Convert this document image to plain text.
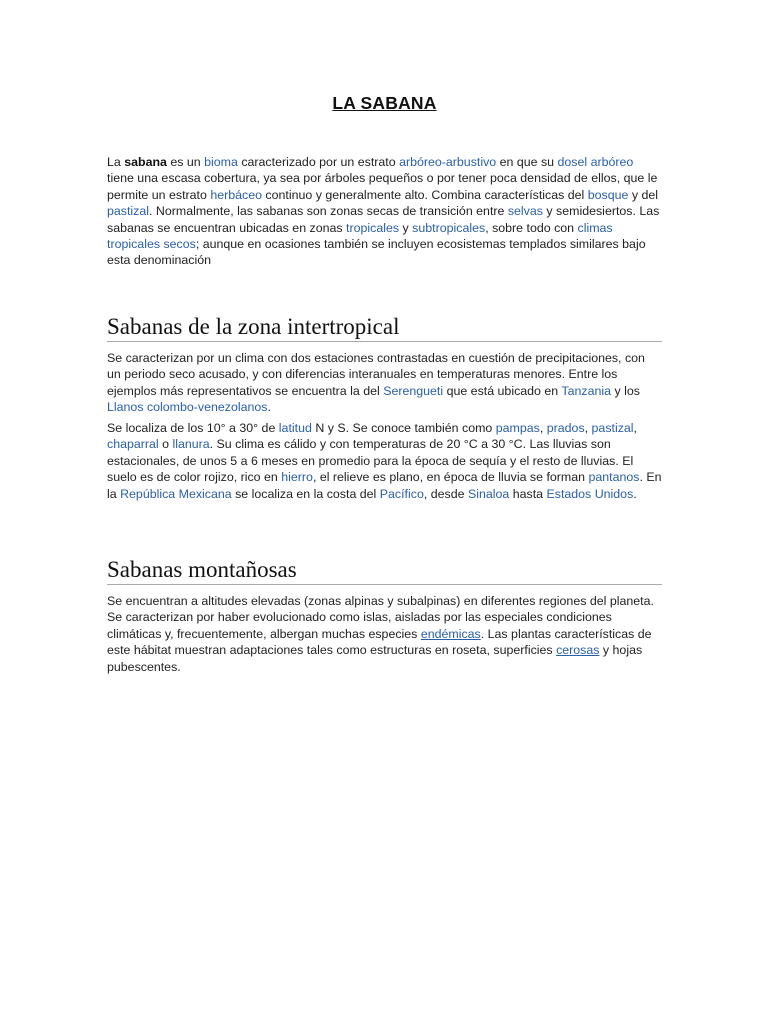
LA SABANA

La sabana es un bioma caracterizado por un estrato arbóreo-arbustivo en que su dosel arbóreo tiene una escasa cobertura, ya sea por árboles pequeños o por tener poca densidad de ellos, que le permite un estrato herbáceo continuo y generalmente alto. Combina características del bosque y del pastizal. Normalmente, las sabanas son zonas secas de transición entre selvas y semidesiertos. Las sabanas se encuentran ubicadas en zonas tropicales y subtropicales, sobre todo con climas tropicales secos; aunque en ocasiones también se incluyen ecosistemas templados similares bajo esta denominación

Sabanas de la zona intertropical

Se caracterizan por un clima con dos estaciones contrastadas en cuestión de precipitaciones, con un periodo seco acusado, y con diferencias interanuales en temperaturas menores. Entre los ejemplos más representativos se encuentra la del Serengueti que está ubicado en Tanzania y los Llanos colombo-venezolanos.

Se localiza de los 10° a 30° de latitud N y S. Se conoce también como pampas, prados, pastizal, chaparral o llanura. Su clima es cálido y con temperaturas de 20 °C a 30 °C. Las lluvias son estacionales, de unos 5 a 6 meses en promedio para la época de sequía y el resto de lluvias. El suelo es de color rojizo, rico en hierro, el relieve es plano, en época de lluvia se forman pantanos. En la República Mexicana se localiza en la costa del Pacífico, desde Sinaloa hasta Estados Unidos.

Sabanas montañosas

Se encuentran a altitudes elevadas (zonas alpinas y subalpinas) en diferentes regiones del planeta. Se caracterizan por haber evolucionado como islas, aisladas por las especiales condiciones climáticas y, frecuentemente, albergan muchas especies endémicas. Las plantas características de este hábitat muestran adaptaciones tales como estructuras en roseta, superficies cerosas y hojas pubescentes.
